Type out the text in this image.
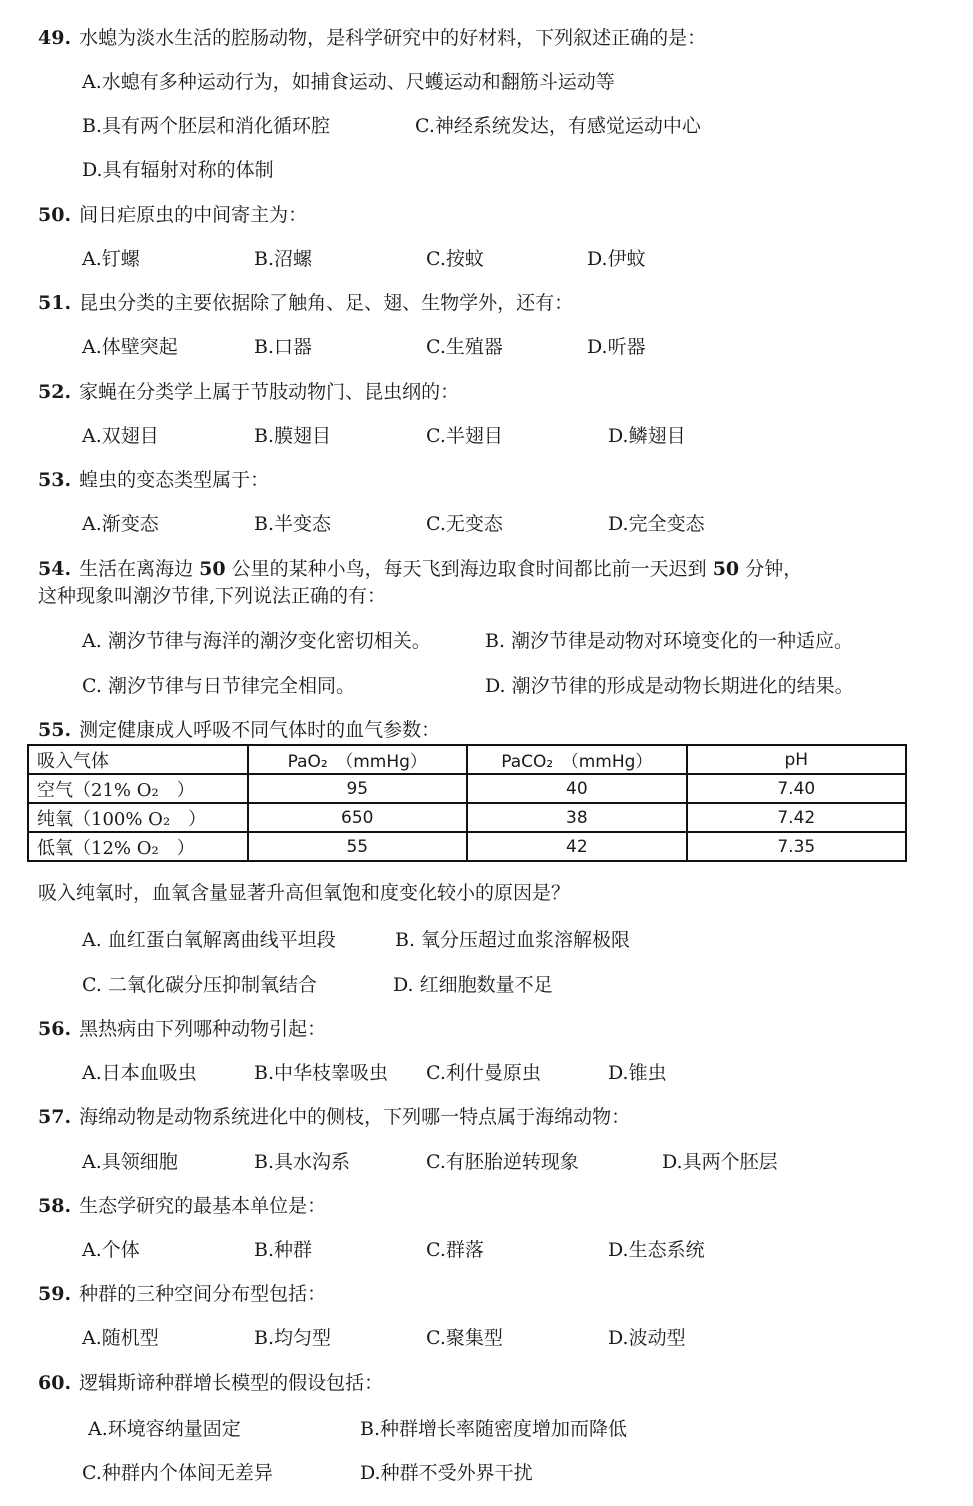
49. 水螅为淡水生活的腔肠动物，是科学研究中的好材料，下列叙述正确的是：
A.水螅有多种运动行为，如捕食运动、尺蠖运动和翻筋斗运动等
B.具有两个胚层和消化循环腔	C.神经系统发达，有感觉运动中心
D.具有辐射对称的体制
50. 间日疟原虫的中间寄主为：
A.钉螺	B.沼螺	C.按蚊	D.伊蚊
51. 昆虫分类的主要依据除了触角、足、翅、生物学外，还有：
A.体壁突起	B.口器	C.生殖器	D.听器
52. 家蝇在分类学上属于节肢动物门、昆虫纲的：
A.双翅目	B.膜翅目	C.半翅目	D.鳞翅目
53. 蝗虫的变态类型属于：
A.渐变态	B.半变态	C.无变态	D.完全变态
54. 生活在离海边 50 公里的某种小鸟，每天飞到海边取食时间都比前一天迟到 50 分钟，
这种现象叫潮汐节律,下列说法正确的有：
A. 潮汐节律与海洋的潮汐变化密切相关。	B. 潮汐节律是动物对环境变化的一种适应。
C. 潮汐节律与日节律完全相同。	D. 潮汐节律的形成是动物长期进化的结果。
55. 测定健康成人呼吸不同气体时的血气参数：
吸入气体	PaO₂　（mmHg）	PaCO₂　（mmHg）	pH
空气（21% O₂　）	95	40	7.40
纯氧（100% O₂　）	650	38	7.42
低氧（12% O₂　）	55	42	7.35
吸入纯氧时，血氧含量显著升高但氧饱和度变化较小的原因是？
A. 血红蛋白氧解离曲线平坦段	B. 氧分压超过血浆溶解极限
C. 二氧化碳分压抑制氧结合	D. 红细胞数量不足
56. 黑热病由下列哪种动物引起：
A.日本血吸虫	B.中华枝睾吸虫 C.利什曼原虫	D.锥虫
57. 海绵动物是动物系统进化中的侧枝，下列哪一特点属于海绵动物：
A.具领细胞	B.具水沟系	C.有胚胎逆转现象	D.具两个胚层
58. 生态学研究的最基本单位是：
A.个体	B.种群	C.群落	D.生态系统
59. 种群的三种空间分布型包括：
A.随机型	B.均匀型	C.聚集型	D.波动型
60. 逻辑斯谛种群增长模型的假设包括：
A.环境容纳量固定	B.种群增长率随密度增加而降低
C.种群内个体间无差异	D.种群不受外界干扰
